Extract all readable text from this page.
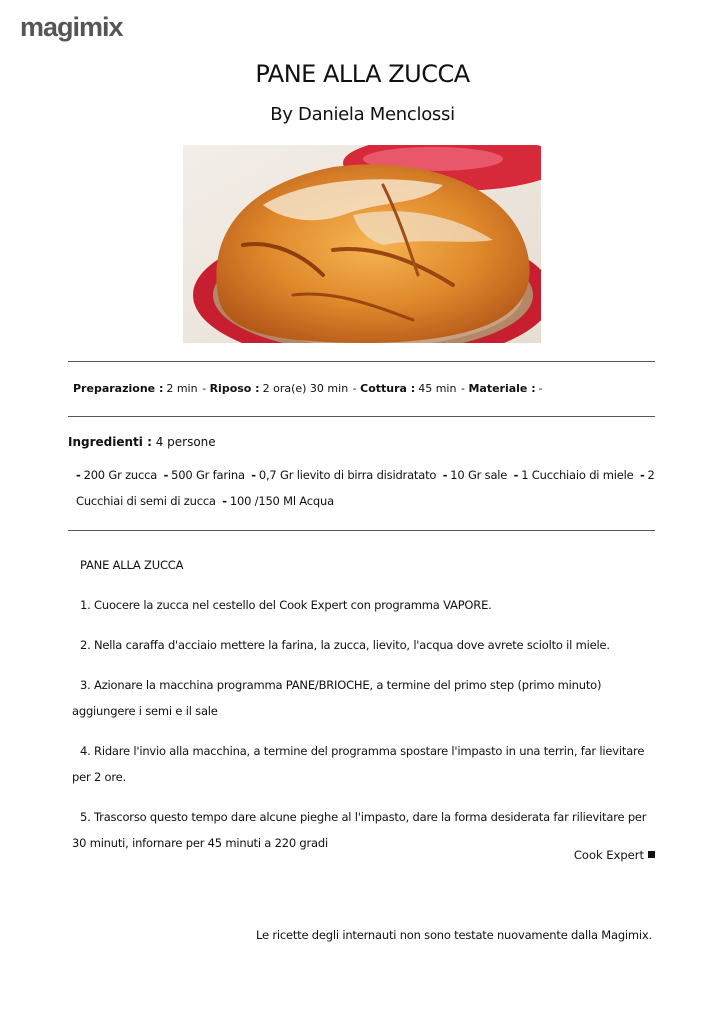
magimix
PANE ALLA ZUCCA
By Daniela Menclossi
Preparazione : 2 min - Riposo : 2 ora(e) 30 min - Cottura : 45 min - Materiale : -
Ingredienti : 4 persone
- 200 Gr zucca - 500 Gr farina - 0,7 Gr lievito di birra disidratato - 10 Gr sale - 1 Cucchiaio di miele - 2 Cucchiai di semi di zucca - 100 /150 Ml Acqua

PANE ALLA ZUCCA

1. Cuocere la zucca nel cestello del Cook Expert con programma VAPORE.

2. Nella caraffa d'acciaio mettere la farina, la zucca, lievito, l'acqua dove avrete sciolto il miele.

3. Azionare la macchina programma PANE/BRIOCHE, a termine del primo step (primo minuto) aggiungere i semi e il sale

4. Ridare l'invio alla macchina, a termine del programma spostare l'impasto in una terrin, far lievitare per 2 ore.

5. Trascorso questo tempo dare alcune pieghe al l'impasto, dare la forma desiderata far rilievitare per 30 minuti, infornare per 45 minuti a 220 gradi

Cook Expert
Le ricette degli internauti non sono testate nuovamente dalla Magimix.
